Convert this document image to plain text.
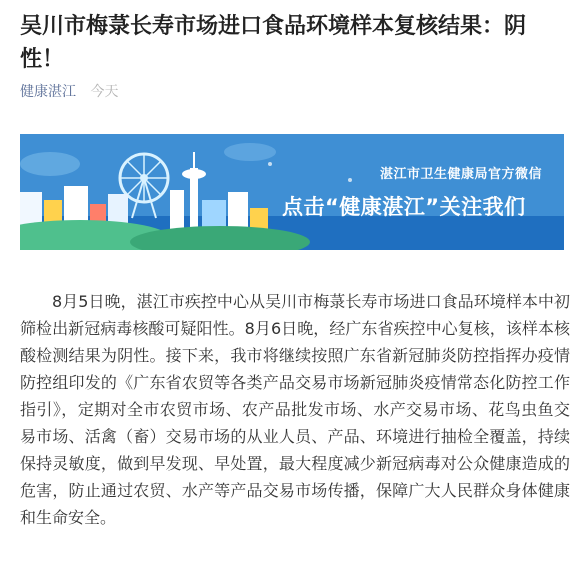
吴川市梅菉长寿市场进口食品环境样本复核结果：阴性！
健康湛江 今天
湛江市卫生健康局官方微信
点击“健康湛江”关注我们

8月5日晚，湛江市疾控中心从吴川市梅菉长寿市场进口食品环境样本中初筛检出新冠病毒核酸可疑阳性。8月6日晚，经广东省疾控中心复核，该样本核酸检测结果为阴性。接下来，我市将继续按照广东省新冠肺炎防控指挥办疫情防控组印发的《广东省农贸等各类产品交易市场新冠肺炎疫情常态化防控工作指引》，定期对全市农贸市场、农产品批发市场、水产交易市场、花鸟虫鱼交易市场、活禽（畜）交易市场的从业人员、产品、环境进行抽检全覆盖，持续保持灵敏度，做到早发现、早处置，最大程度减少新冠病毒对公众健康造成的危害，防止通过农贸、水产等产品交易市场传播，保障广大人民群众身体健康和生命安全。
